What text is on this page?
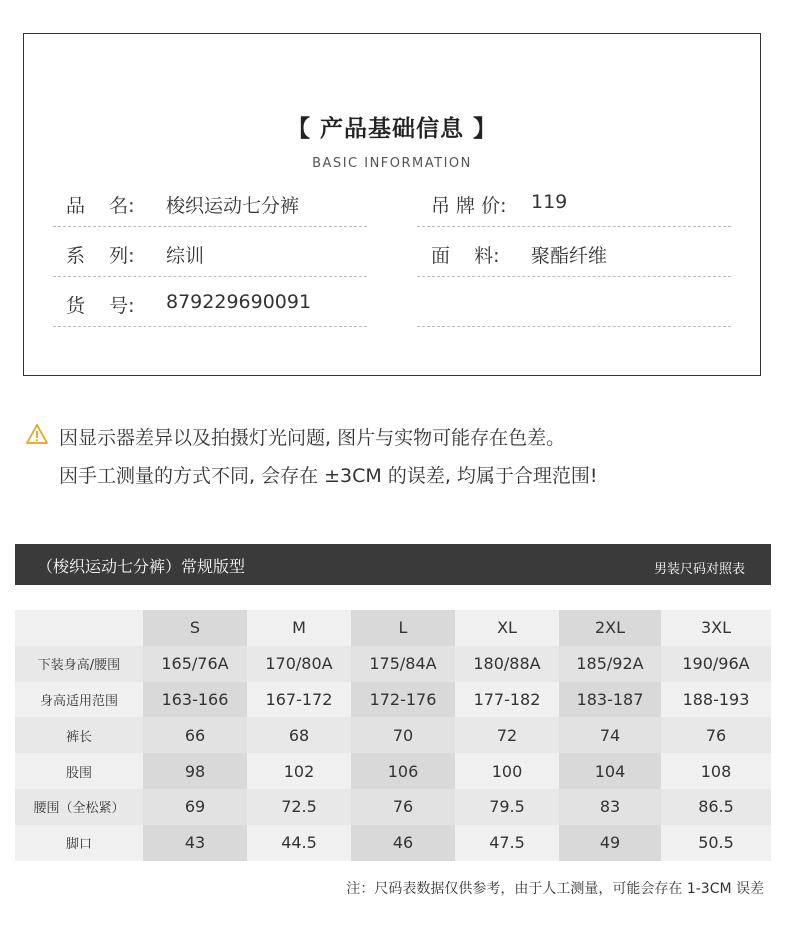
【 产品基础信息 】
BASIC INFORMATION
品    名: 梭织运动七分裤	吊 牌 价: 119
系    列: 综训	面    料: 聚酯纤维
货    号: 879229690091
因显示器差异以及拍摄灯光问题, 图片与实物可能存在色差。
因手工测量的方式不同, 会存在 ±3CM 的误差, 均属于合理范围!
（梭织运动七分裤）常规版型	男装尺码对照表
	S	M	L	XL	2XL	3XL
下装身高/腰围	165/76A	170/80A	175/84A	180/88A	185/92A	190/96A
身高适用范围	163-166	167-172	172-176	177-182	183-187	188-193
裤长	66	68	70	72	74	76
股围	98	102	106	100	104	108
腰围（全松紧）	69	72.5	76	79.5	83	86.5
脚口	43	44.5	46	47.5	49	50.5
注：尺码表数据仅供参考，由于人工测量，可能会存在 1-3CM 误差
